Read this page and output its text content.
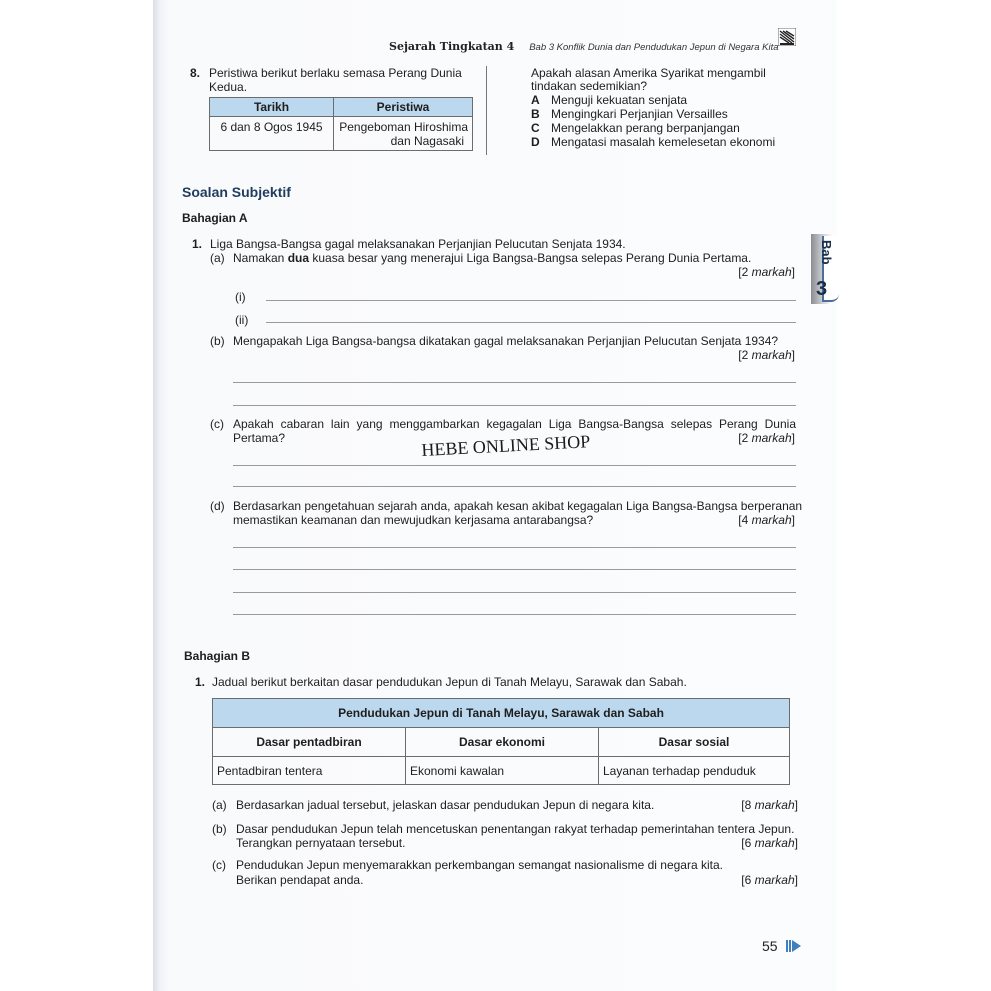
Sejarah Tingkatan 4 Bab 3 Konflik Dunia dan Pendudukan Jepun di Negara Kita
8. Peristiwa berikut berlaku semasa Perang Dunia
Kedua.
Tarikh	Peristiwa
6 dan 8 Ogos 1945	Pengeboman Hiroshima
dan Nagasaki
Apakah alasan Amerika Syarikat mengambil
tindakan sedemikian?
A Menguji kekuatan senjata
B Mengingkari Perjanjian Versailles
C Mengelakkan perang berpanjangan
D Mengatasi masalah kemelesetan ekonomi
Soalan Subjektif
Bahagian A
1. Liga Bangsa-Bangsa gagal melaksanakan Perjanjian Pelucutan Senjata 1934.
(a) Namakan dua kuasa besar yang menerajui Liga Bangsa-Bangsa selepas Perang Dunia Pertama.
[2 markah]
(i)
(ii)
(b) Mengapakah Liga Bangsa-bangsa dikatakan gagal melaksanakan Perjanjian Pelucutan Senjata 1934?
[2 markah]
(c) Apakah cabaran lain yang menggambarkan kegagalan Liga Bangsa-Bangsa selepas Perang Dunia
Pertama?	[2 markah]
HEBE ONLINE SHOP
(d) Berdasarkan pengetahuan sejarah anda, apakah kesan akibat kegagalan Liga Bangsa-Bangsa berperanan
memastikan keamanan dan mewujudkan kerjasama antarabangsa?	[4 markah]
Bab
3
Bahagian B
1. Jadual berikut berkaitan dasar pendudukan Jepun di Tanah Melayu, Sarawak dan Sabah.
Pendudukan Jepun di Tanah Melayu, Sarawak dan Sabah		
Dasar pentadbiran	Dasar ekonomi	Dasar sosial
Pentadbiran tentera	Ekonomi kawalan	Layanan terhadap penduduk
(a) Berdasarkan jadual tersebut, jelaskan dasar pendudukan Jepun di negara kita.	[8 markah]
(b) Dasar pendudukan Jepun telah mencetuskan penentangan rakyat terhadap pemerintahan tentera Jepun.
Terangkan pernyataan tersebut.	[6 markah]
(c) Pendudukan Jepun menyemarakkan perkembangan semangat nasionalisme di negara kita.
Berikan pendapat anda.	[6 markah]
55
